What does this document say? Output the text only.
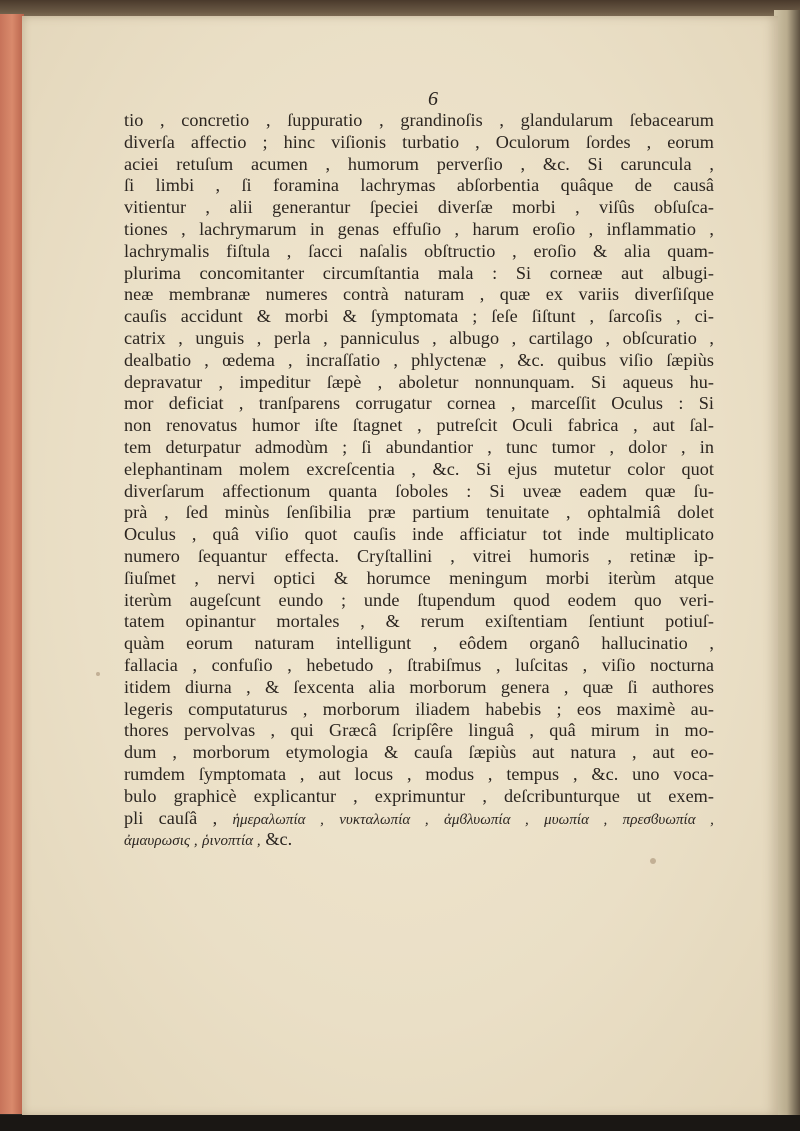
6
tio , concretio , ſuppuratio , grandinoſis , glandularum ſebacearum
diverſa affectio ; hinc viſionis turbatio , Oculorum ſordes , eorum
aciei retuſum acumen , humorum perverſio , &c. Si caruncula ,
ſi limbi , ſi foramina lachrymas abſorbentia quâque de causâ
vitientur , alii generantur ſpeciei diverſæ morbi , viſûs obſuſca-
tiones , lachrymarum in genas effuſio , harum eroſio , inflammatio ,
lachrymalis fiſtula , ſacci naſalis obſtructio , eroſio & alia quam-
plurima concomitanter circumſtantia mala : Si corneæ aut albugi-
neæ membranæ numeres contrà naturam , quæ ex variis diverſiſque
cauſis accidunt & morbi & ſymptomata ; ſeſe ſiſtunt , ſarcoſis , ci-
catrix , unguis , perla , panniculus , albugo , cartilago , obſcuratio ,
dealbatio , œdema , incraſſatio , phlyctenæ , &c. quibus viſio ſæpiùs
depravatur , impeditur ſæpè , aboletur nonnunquam. Si aqueus hu-
mor deficiat , tranſparens corrugatur cornea , marceſſit Oculus : Si
non renovatus humor iſte ſtagnet , putreſcit Oculi fabrica , aut ſal-
tem deturpatur admodùm ; ſi abundantior , tunc tumor , dolor , in
elephantinam molem excreſcentia , &c. Si ejus mutetur color quot
diverſarum affectionum quanta ſoboles : Si uveæ eadem quæ ſu-
prà , ſed minùs ſenſibilia præ partium tenuitate , ophtalmiâ dolet
Oculus , quâ viſio quot cauſis inde afficiatur tot inde multiplicato
numero ſequantur effecta. Cryſtallini , vitrei humoris , retinæ ip-
ſiuſmet , nervi optici & horumce meningum morbi iterùm atque
iterùm augeſcunt eundo ; unde ſtupendum quod eodem quo veri-
tatem opinantur mortales , & rerum exiſtentiam ſentiunt potiuſ-
quàm eorum naturam intelligunt , eôdem organô hallucinatio ,
fallacia , confuſio , hebetudo , ſtrabiſmus , luſcitas , viſio nocturna
itidem diurna , & ſexcenta alia morborum genera , quæ ſi authores
legeris computaturus , morborum iliadem habebis ; eos maximè au-
thores pervolvas , qui Græcâ ſcripſêre linguâ , quâ mirum in mo-
dum , morborum etymologia & cauſa ſæpiùs aut natura , aut eo-
rumdem ſymptomata , aut locus , modus , tempus , &c. uno voca-
bulo graphicè explicantur , exprimuntur , deſcribunturque ut exem-
pli cauſâ , ἡμεραλωπία , νυκταλωπία , ἀμϐλυωπία , μυωπία , πρεσϐυωπία ,
ἀμαυρωσις , ῥινοπτία , &c.
